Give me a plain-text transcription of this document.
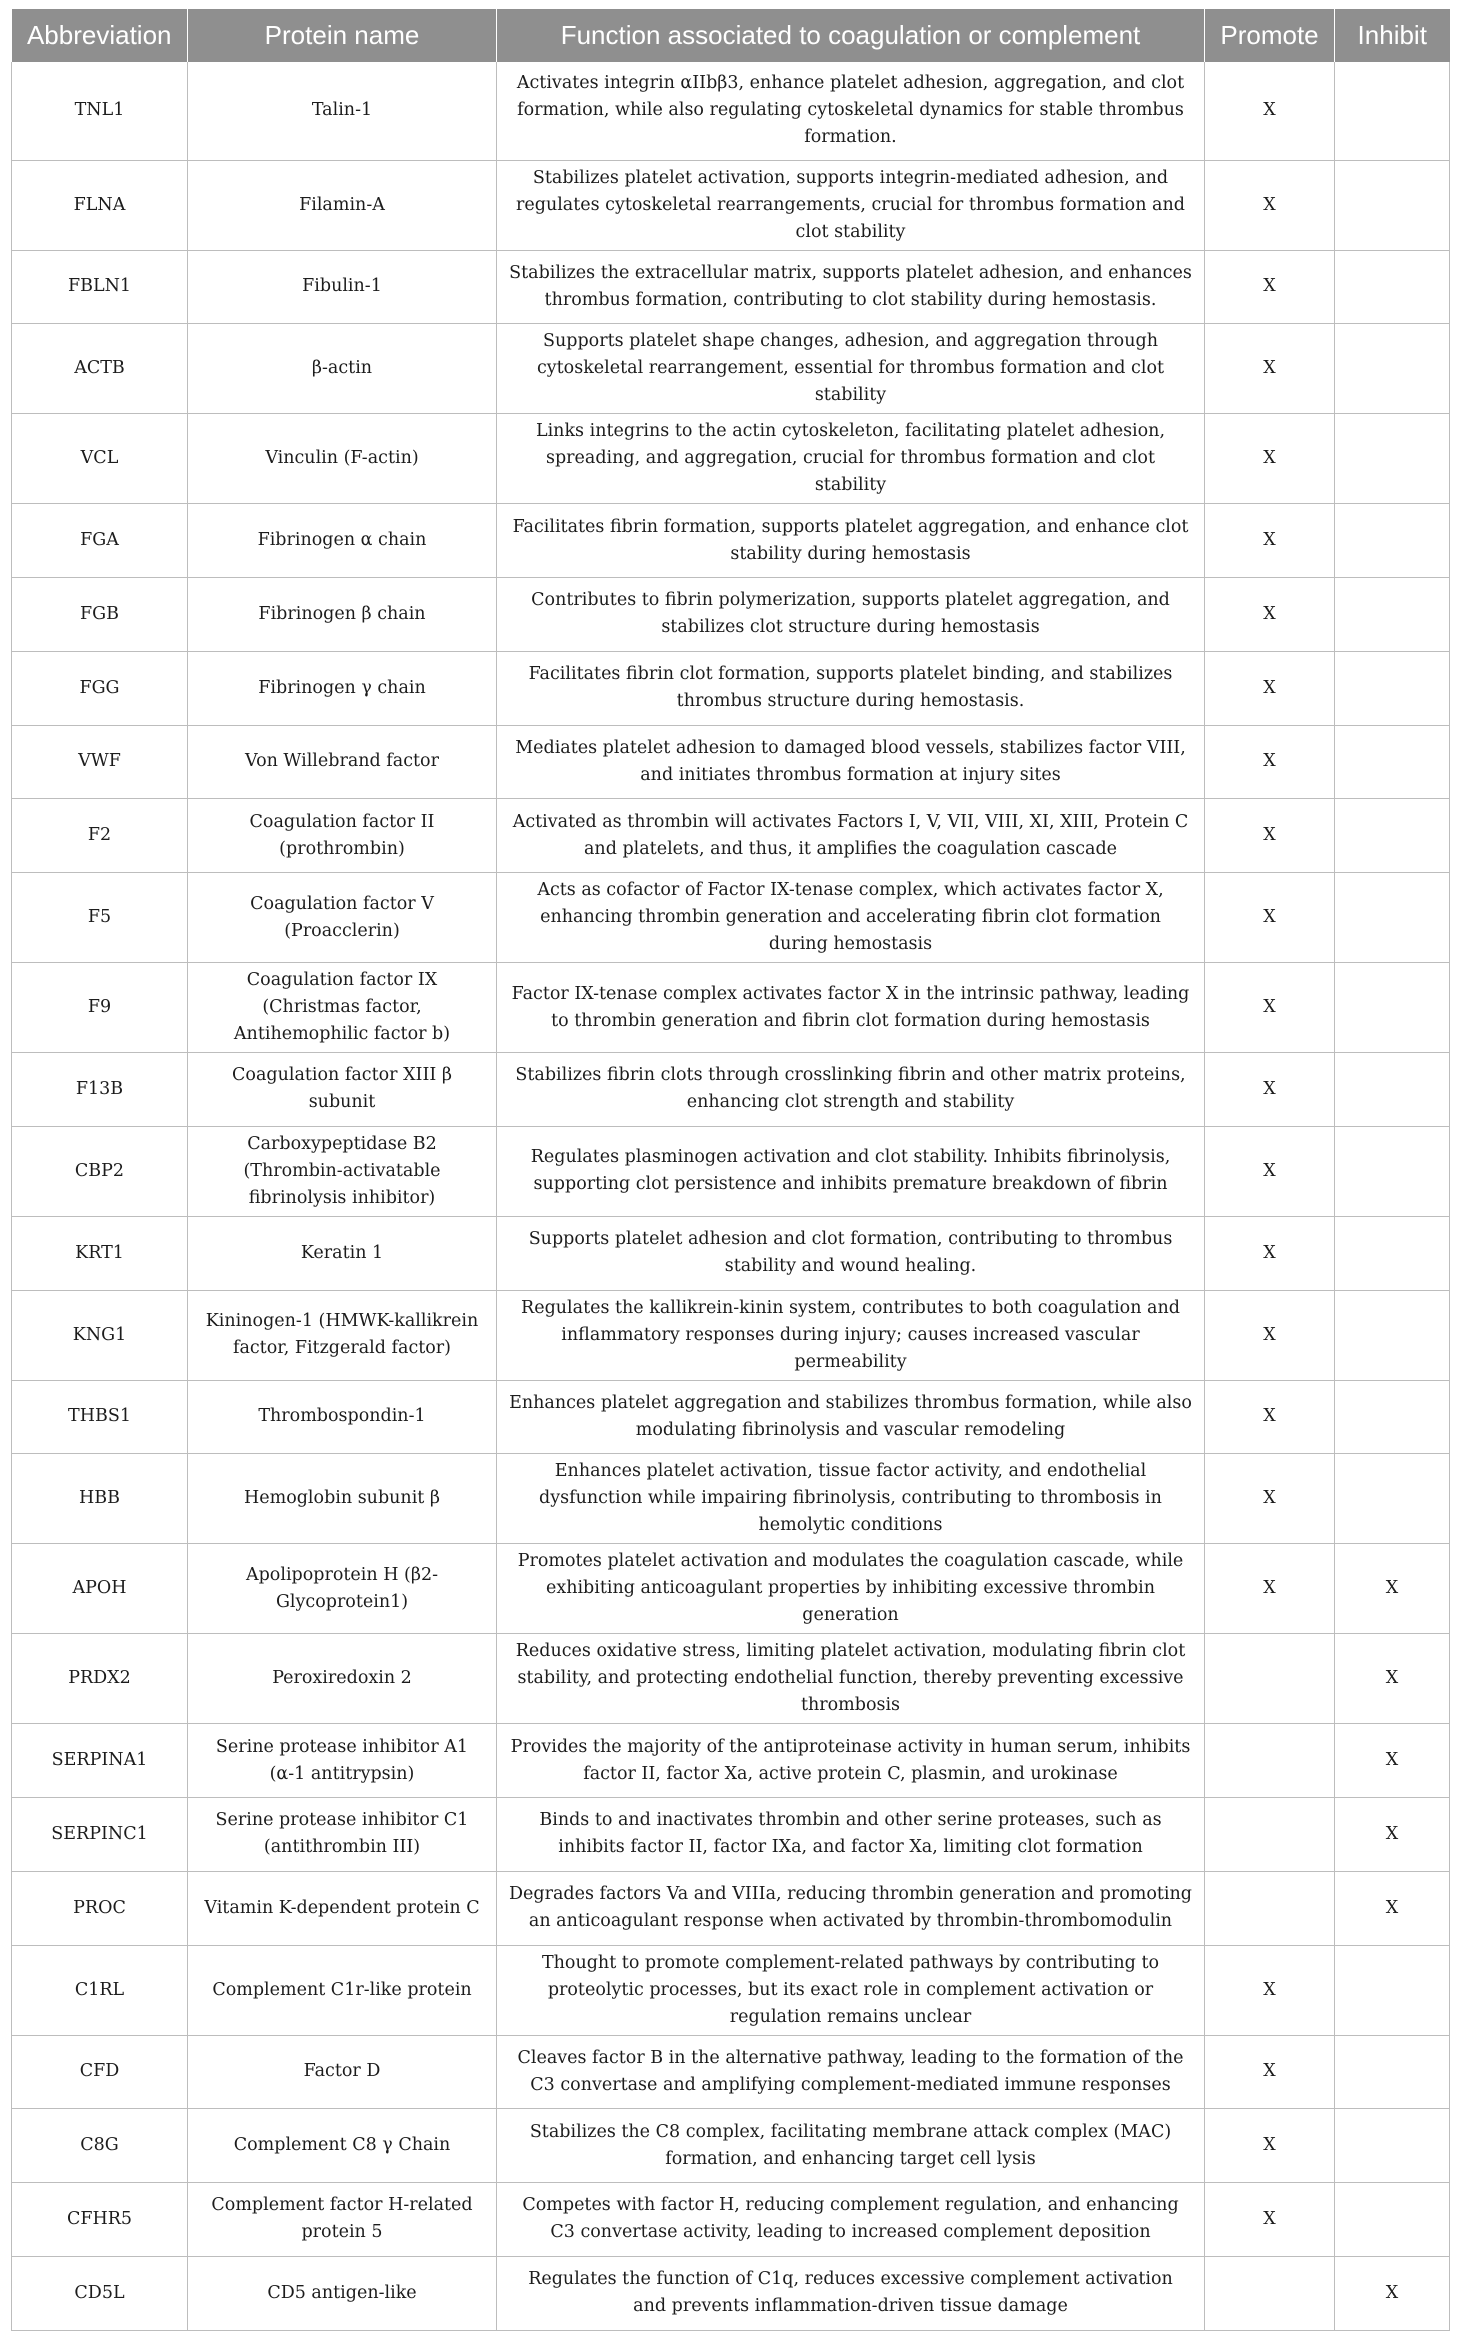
Abbreviation	Protein name	Function associated to coagulation or complement	Promote	Inhibit
TNL1	Talin-1	Activates integrin αIIbβ3, enhance platelet adhesion, aggregation, and clot formation, while also regulating cytoskeletal dynamics for stable thrombus formation.	X	
FLNA	Filamin-A	Stabilizes platelet activation, supports integrin-mediated adhesion, and regulates cytoskeletal rearrangements, crucial for thrombus formation and clot stability	X	
FBLN1	Fibulin-1	Stabilizes the extracellular matrix, supports platelet adhesion, and enhances thrombus formation, contributing to clot stability during hemostasis.	X	
ACTB	β-actin	Supports platelet shape changes, adhesion, and aggregation through cytoskeletal rearrangement, essential for thrombus formation and clot stability	X	
VCL	Vinculin (F-actin)	Links integrins to the actin cytoskeleton, facilitating platelet adhesion, spreading, and aggregation, crucial for thrombus formation and clot stability	X	
FGA	Fibrinogen α chain	Facilitates fibrin formation, supports platelet aggregation, and enhance clot stability during hemostasis	X	
FGB	Fibrinogen β chain	Contributes to fibrin polymerization, supports platelet aggregation, and stabilizes clot structure during hemostasis	X	
FGG	Fibrinogen γ chain	Facilitates fibrin clot formation, supports platelet binding, and stabilizes thrombus structure during hemostasis.	X	
VWF	Von Willebrand factor	Mediates platelet adhesion to damaged blood vessels, stabilizes factor VIII, and initiates thrombus formation at injury sites	X	
F2	Coagulation factor II (prothrombin)	Activated as thrombin will activates Factors I, V, VII, VIII, XI, XIII, Protein C and platelets, and thus, it amplifies the coagulation cascade	X	
F5	Coagulation factor V (Proacclerin)	Acts as cofactor of Factor IX-tenase complex, which activates factor X, enhancing thrombin generation and accelerating fibrin clot formation during hemostasis	X	
F9	Coagulation factor IX (Christmas factor, Antihemophilic factor b)	Factor IX-tenase complex activates factor X in the intrinsic pathway, leading to thrombin generation and fibrin clot formation during hemostasis	X	
F13B	Coagulation factor XIII β subunit	Stabilizes fibrin clots through crosslinking fibrin and other matrix proteins, enhancing clot strength and stability	X	
CBP2	Carboxypeptidase B2 (Thrombin-activatable fibrinolysis inhibitor)	Regulates plasminogen activation and clot stability. Inhibits fibrinolysis, supporting clot persistence and inhibits premature breakdown of fibrin	X	
KRT1	Keratin 1	Supports platelet adhesion and clot formation, contributing to thrombus stability and wound healing.	X	
KNG1	Kininogen-1 (HMWK-kallikrein factor, Fitzgerald factor)	Regulates the kallikrein-kinin system, contributes to both coagulation and inflammatory responses during injury; causes increased vascular permeability	X	
THBS1	Thrombospondin-1	Enhances platelet aggregation and stabilizes thrombus formation, while also modulating fibrinolysis and vascular remodeling	X	
HBB	Hemoglobin subunit β	Enhances platelet activation, tissue factor activity, and endothelial dysfunction while impairing fibrinolysis, contributing to thrombosis in hemolytic conditions	X	
APOH	Apolipoprotein H (β2-Glycoprotein1)	Promotes platelet activation and modulates the coagulation cascade, while exhibiting anticoagulant properties by inhibiting excessive thrombin generation	X	X
PRDX2	Peroxiredoxin 2	Reduces oxidative stress, limiting platelet activation, modulating fibrin clot stability, and protecting endothelial function, thereby preventing excessive thrombosis		X
SERPINA1	Serine protease inhibitor A1 (α-1 antitrypsin)	Provides the majority of the antiproteinase activity in human serum, inhibits factor II, factor Xa, active protein C, plasmin, and urokinase		X
SERPINC1	Serine protease inhibitor C1 (antithrombin III)	Binds to and inactivates thrombin and other serine proteases, such as inhibits factor II, factor IXa, and factor Xa, limiting clot formation		X
PROC	Vitamin K-dependent protein C	Degrades factors Va and VIIIa, reducing thrombin generation and promoting an anticoagulant response when activated by thrombin-thrombomodulin		X
C1RL	Complement C1r-like protein	Thought to promote complement-related pathways by contributing to proteolytic processes, but its exact role in complement activation or regulation remains unclear	X	
CFD	Factor D	Cleaves factor B in the alternative pathway, leading to the formation of the C3 convertase and amplifying complement-mediated immune responses	X	
C8G	Complement C8 γ Chain	Stabilizes the C8 complex, facilitating membrane attack complex (MAC) formation, and enhancing target cell lysis	X	
CFHR5	Complement factor H-related protein 5	Competes with factor H, reducing complement regulation, and enhancing C3 convertase activity, leading to increased complement deposition	X	
CD5L	CD5 antigen-like	Regulates the function of C1q, reduces excessive complement activation and prevents inflammation-driven tissue damage		X
